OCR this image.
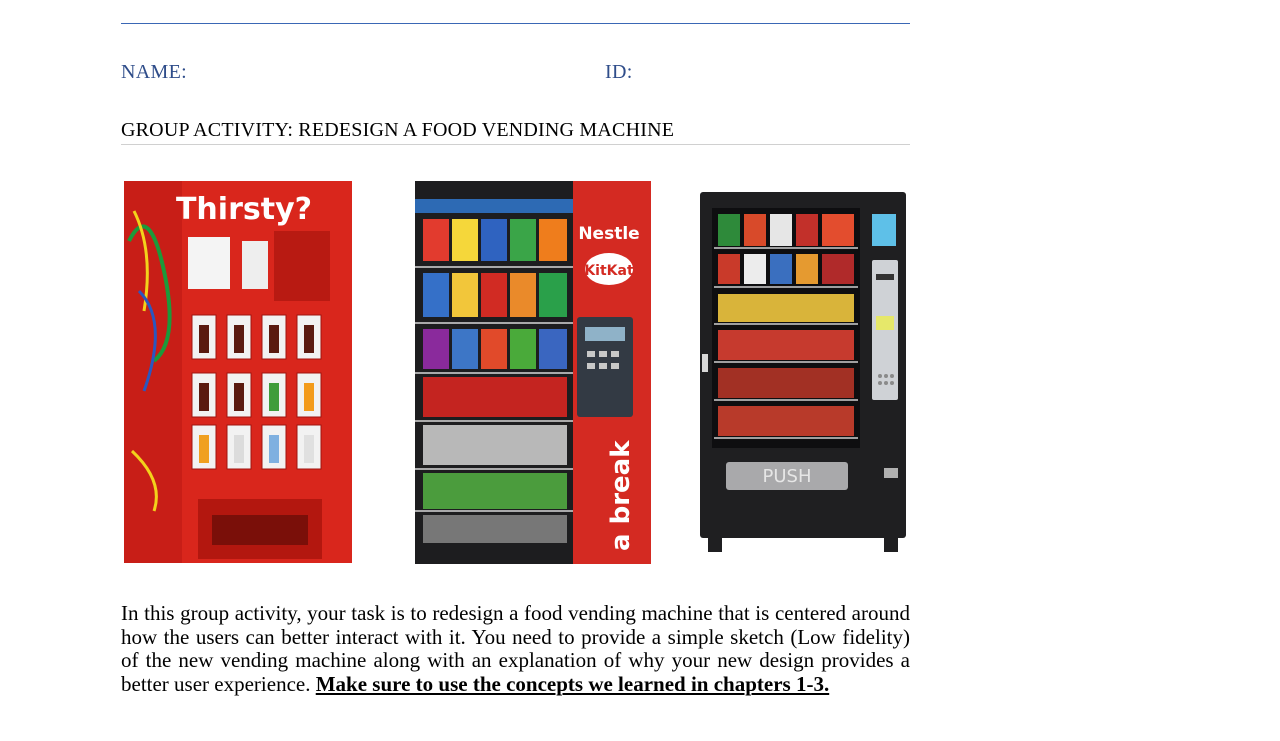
NAME:	ID:
GROUP ACTIVITY: REDESIGN A FOOD VENDING MACHINE
Thirsty?
Nestle
KitKat
a break	PUSH
In this group activity, your task is to redesign a food vending machine that is centered around how the users can better interact with it. You need to provide a simple sketch (Low fidelity) of the new vending machine along with an explanation of why your new design provides a better user experience. Make sure to use the concepts we learned in chapters 1-3.
